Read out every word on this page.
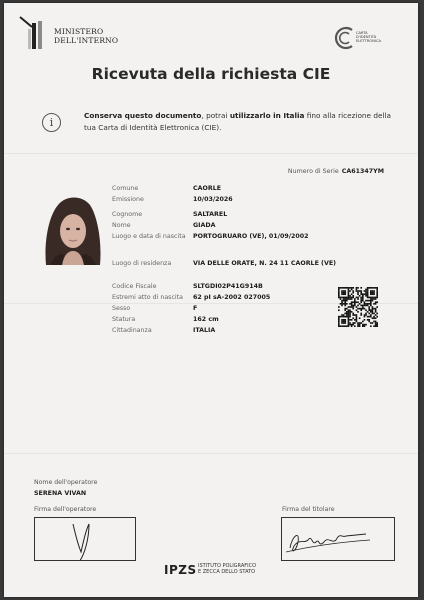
MINISTERO
DELL'INTERNO
CARTA
D'IDENTITÀ
ELETTRONICA
Ricevuta della richiesta CIE
i
Conserva questo documento, potrai utilizzarlo in Italia fino alla ricezione della tua Carta di Identità Elettronica (CIE).
Numero di Serie CA61347YM
Comune	CAORLE
Emissione	10/03/2026
Cognome	SALTAREL
Nome	GIADA
Luogo e data di nascita PORTOGRUARO (VE), 01/09/2002
Luogo di residenza	VIA DELLE ORATE, N. 24 11 CAORLE (VE)
Codice Fiscale	SLTGDI02P41G914B
Estremi atto di nascita 62 pI sA-2002 027005
Sesso	F
Statura	162 cm
Cittadinanza	ITALIA
Nome dell'operatore
SERENA VIVAN
Firma dell'operatore	Firma del titolare
IPZS ISTITUTO POLIGRAFICO
E ZECCA DELLO STATO
